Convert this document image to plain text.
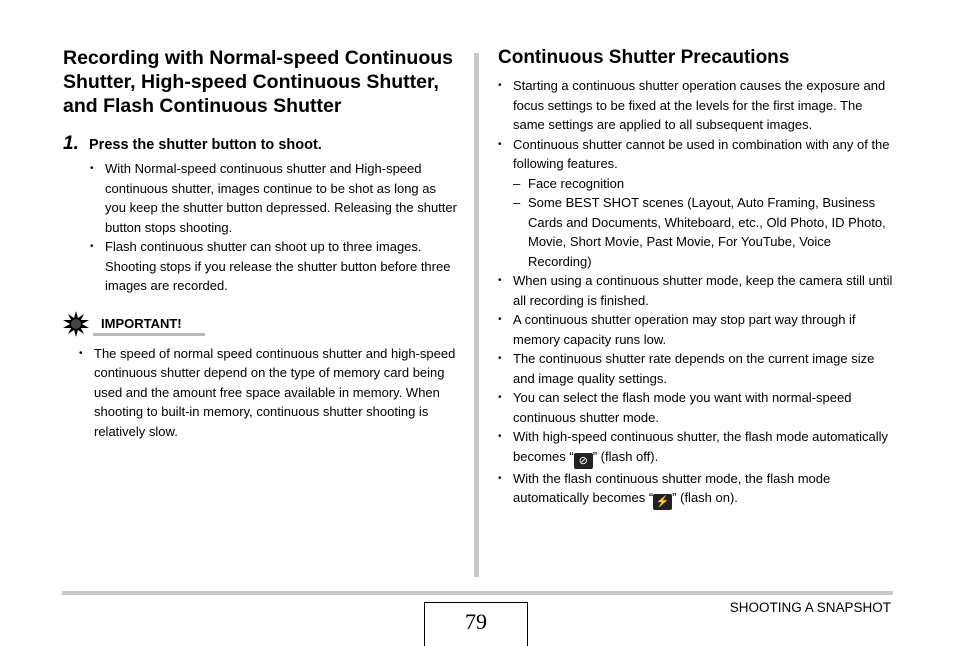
Recording with Normal-speed Continuous Shutter, High-speed Continuous Shutter, and Flash Continuous Shutter
1. Press the shutter button to shoot.
• With Normal-speed continuous shutter and High-speed continuous shutter, images continue to be shot as long as you keep the shutter button depressed. Releasing the shutter button stops shooting.
• Flash continuous shutter can shoot up to three images. Shooting stops if you release the shutter button before three images are recorded.
IMPORTANT!
• The speed of normal speed continuous shutter and high-speed continuous shutter depend on the type of memory card being used and the amount free space available in memory. When shooting to built-in memory, continuous shutter shooting is relatively slow.
Continuous Shutter Precautions
• Starting a continuous shutter operation causes the exposure and focus settings to be fixed at the levels for the first image. The same settings are applied to all subsequent images.
• Continuous shutter cannot be used in combination with any of the following features.
– Face recognition
– Some BEST SHOT scenes (Layout, Auto Framing, Business Cards and Documents, Whiteboard, etc., Old Photo, ID Photo, Movie, Short Movie, Past Movie, For YouTube, Voice Recording)
• When using a continuous shutter mode, keep the camera still until all recording is finished.
• A continuous shutter operation may stop part way through if memory capacity runs low.
• The continuous shutter rate depends on the current image size and image quality settings.
• You can select the flash mode you want with normal-speed continuous shutter mode.
• With high-speed continuous shutter, the flash mode automatically becomes “ ⊘ ” (flash off).
• With the flash continuous shutter mode, the flash mode automatically becomes “ ⚡ ” (flash on).
79
SHOOTING A SNAPSHOT
